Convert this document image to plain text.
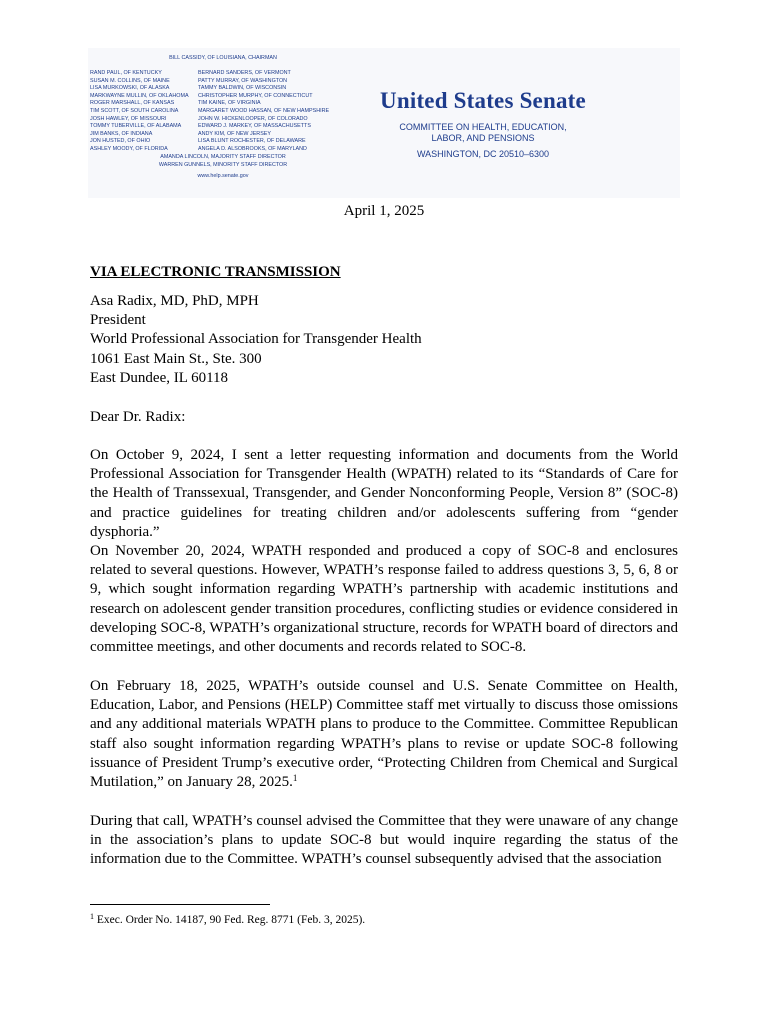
BILL CASSIDY, OF LOUISIANA, CHAIRMAN
RAND PAUL, OF KENTUCKY
SUSAN M. COLLINS, OF MAINE
LISA MURKOWSKI, OF ALASKA
MARKWAYNE MULLIN, OF OKLAHOMA
ROGER MARSHALL, OF KANSAS
TIM SCOTT, OF SOUTH CAROLINA
JOSH HAWLEY, OF MISSOURI
TOMMY TUBERVILLE, OF ALABAMA
JIM BANKS, OF INDIANA
JON HUSTED, OF OHIO
ASHLEY MOODY, OF FLORIDA
BERNARD SANDERS, OF VERMONT
PATTY MURRAY, OF WASHINGTON
TAMMY BALDWIN, OF WISCONSIN
CHRISTOPHER MURPHY, OF CONNECTICUT
TIM KAINE, OF VIRGINIA
MARGARET WOOD HASSAN, OF NEW HAMPSHIRE
JOHN W. HICKENLOOPER, OF COLORADO
EDWARD J. MARKEY, OF MASSACHUSETTS
ANDY KIM, OF NEW JERSEY
LISA BLUNT ROCHESTER, OF DELAWARE
ANGELA D. ALSOBROOKS, OF MARYLAND
AMANDA LINCOLN, MAJORITY STAFF DIRECTOR
WARREN GUNNELS, MINORITY STAFF DIRECTOR
www.help.senate.gov
United States Senate
COMMITTEE ON HEALTH, EDUCATION,
LABOR, AND PENSIONS
WASHINGTON, DC 20510–6300
April 1, 2025
VIA ELECTRONIC TRANSMISSION
Asa Radix, MD, PhD, MPH
President
World Professional Association for Transgender Health
1061 East Main St., Ste. 300
East Dundee, IL 60118
Dear Dr. Radix:
On October 9, 2024, I sent a letter requesting information and documents from the World Professional Association for Transgender Health (WPATH) related to its “Standards of Care for the Health of Transsexual, Transgender, and Gender Nonconforming People, Version 8” (SOC-8) and practice guidelines for treating children and/or adolescents suffering from “gender dysphoria.”
On November 20, 2024, WPATH responded and produced a copy of SOC-8 and enclosures related to several questions. However, WPATH’s response failed to address questions 3, 5, 6, 8 or 9, which sought information regarding WPATH’s partnership with academic institutions and research on adolescent gender transition procedures, conflicting studies or evidence considered in developing SOC-8, WPATH’s organizational structure, records for WPATH board of directors and committee meetings, and other documents and records related to SOC-8.
On February 18, 2025, WPATH’s outside counsel and U.S. Senate Committee on Health, Education, Labor, and Pensions (HELP) Committee staff met virtually to discuss those omissions and any additional materials WPATH plans to produce to the Committee. Committee Republican staff also sought information regarding WPATH’s plans to revise or update SOC-8 following issuance of President Trump’s executive order, “Protecting Children from Chemical and Surgical Mutilation,” on January 28, 2025.$^1$
During that call, WPATH’s counsel advised the Committee that they were unaware of any change in the association’s plans to update SOC-8 but would inquire regarding the status of the information due to the Committee. WPATH’s counsel subsequently advised that the association
$^1$ Exec. Order No. 14187, 90 Fed. Reg. 8771 (Feb. 3, 2025).
